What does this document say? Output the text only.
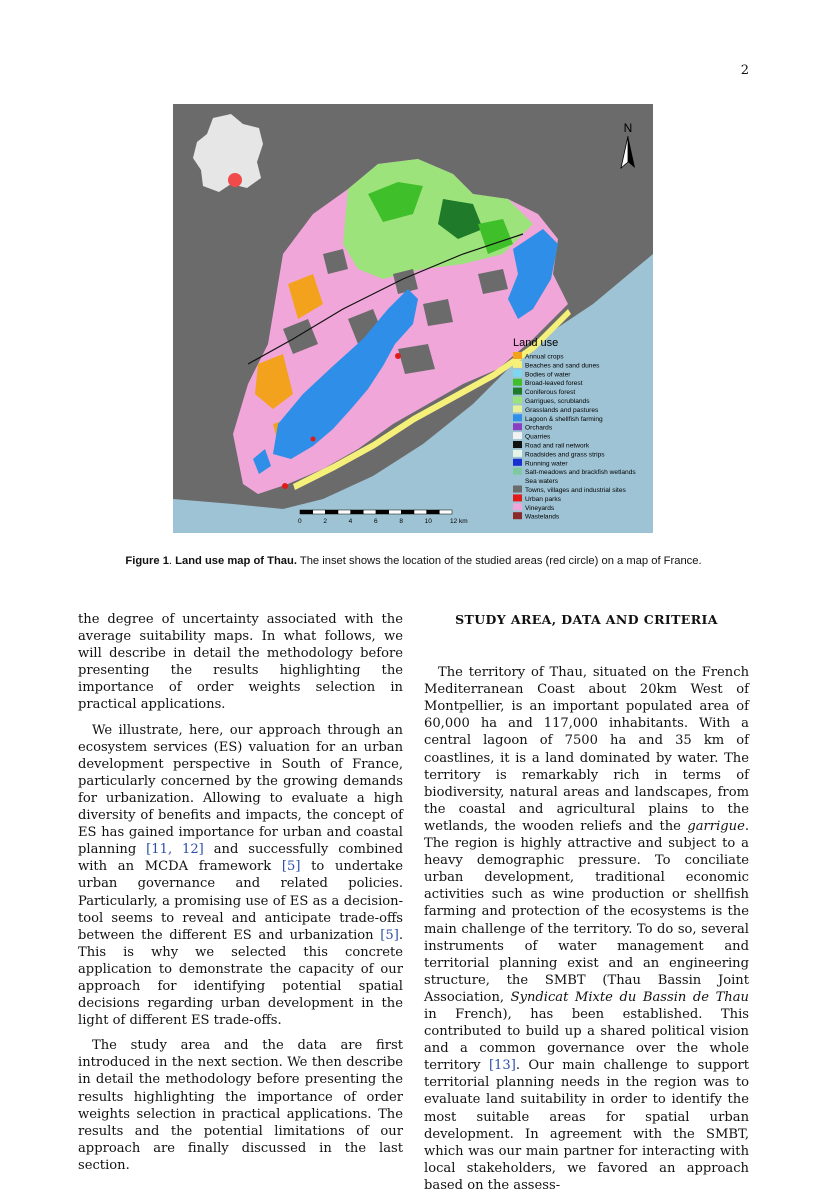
2
N
Land use
Annual crops
Beaches and sand dunes
Bodies of water
Broad-leaved forest
Coniferous forest
Garrigues, scrublands
Grasslands and pastures
Lagoon & shellfish farming
Orchards
Quarries
Road and rail network
Roadsides and grass strips
Running water
Salt-meadows and brackfish wetlands
Sea waters
Towns, villages and industrial sites
Urban parks
Vineyards
Wastelands
0	2	4	6	8	10	12 km
Figure 1. Land use map of Thau. The inset shows the location of the studied areas (red circle) on a map of France.

the degree of uncertainty associated with the average suitability maps. In what follows, we will describe in detail the methodology before presenting the results highlighting the importance of order weights selection in practical applications.

We illustrate, here, our approach through an ecosystem services (ES) valuation for an urban development perspective in South of France, particularly concerned by the growing demands for urbanization. Allowing to evaluate a high diversity of benefits and impacts, the concept of ES has gained importance for urban and coastal planning [11, 12] and successfully combined with an MCDA framework [5] to undertake urban governance and related policies. Particularly, a promising use of ES as a decision-tool seems to reveal and anticipate trade-offs between the different ES and urbanization [5]. This is why we selected this concrete application to demonstrate the capacity of our approach for identifying potential spatial decisions regarding urban development in the light of different ES trade-offs.

The study area and the data are first introduced in the next section. We then describe in detail the methodology before presenting the results highlighting the importance of order weights selection in practical applications. The results and the potential limitations of our approach are finally discussed in the last section.

STUDY AREA, DATA AND CRITERIA

The territory of Thau, situated on the French Mediterranean Coast about 20km West of Montpellier, is an important populated area of 60,000 ha and 117,000 inhabitants. With a central lagoon of 7500 ha and 35 km of coastlines, it is a land dominated by water. The territory is remarkably rich in terms of biodiversity, natural areas and landscapes, from the coastal and agricultural plains to the wetlands, the wooden reliefs and the garrigue. The region is highly attractive and subject to a heavy demographic pressure. To conciliate urban development, traditional economic activities such as wine production or shellfish farming and protection of the ecosystems is the main challenge of the territory. To do so, several instruments of water management and territorial planning exist and an engineering structure, the SMBT (Thau Bassin Joint Association, Syndicat Mixte du Bassin de Thau in French), has been established. This contributed to build up a shared political vision and a common governance over the whole territory [13]. Our main challenge to support territorial planning needs in the region was to evaluate land suitability in order to identify the most suitable areas for spatial urban development. In agreement with the SMBT, which was our main partner for interacting with local stakeholders, we favored an approach based on the assess-
